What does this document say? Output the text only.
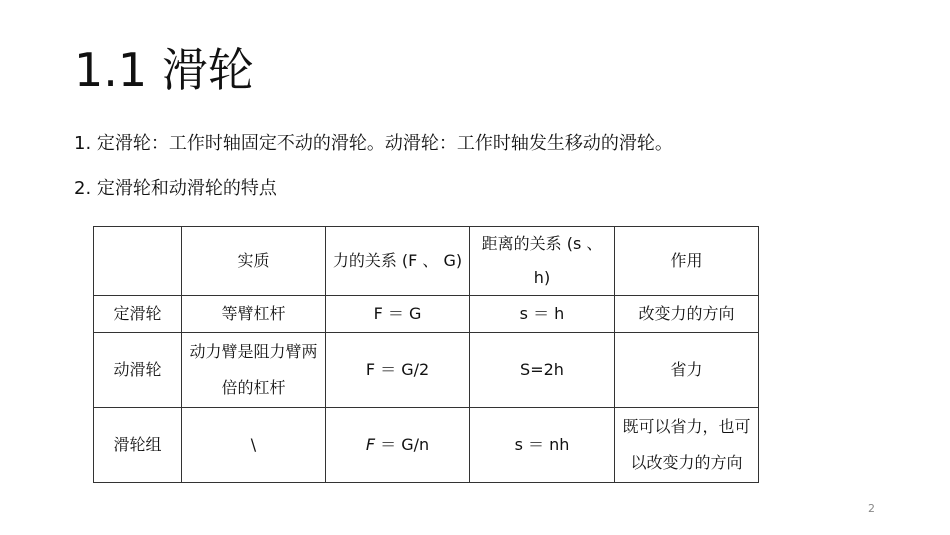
1.1 滑轮
1. 定滑轮：工作时轴固定不动的滑轮。动滑轮：工作时轴发生移动的滑轮。
2. 定滑轮和动滑轮的特点
	实质	力的关系 (F 、 G)	距离的关系 (s 、 h)	作用
定滑轮	等臂杠杆	F ＝ G	s ＝ h	改变力的方向
动滑轮	动力臂是阻力臂两倍的杠杆	F ＝ G/2	S=2h	省力
滑轮组	\	F ＝ G/n	s ＝ nh	既可以省力，也可以改变力的方向
2
